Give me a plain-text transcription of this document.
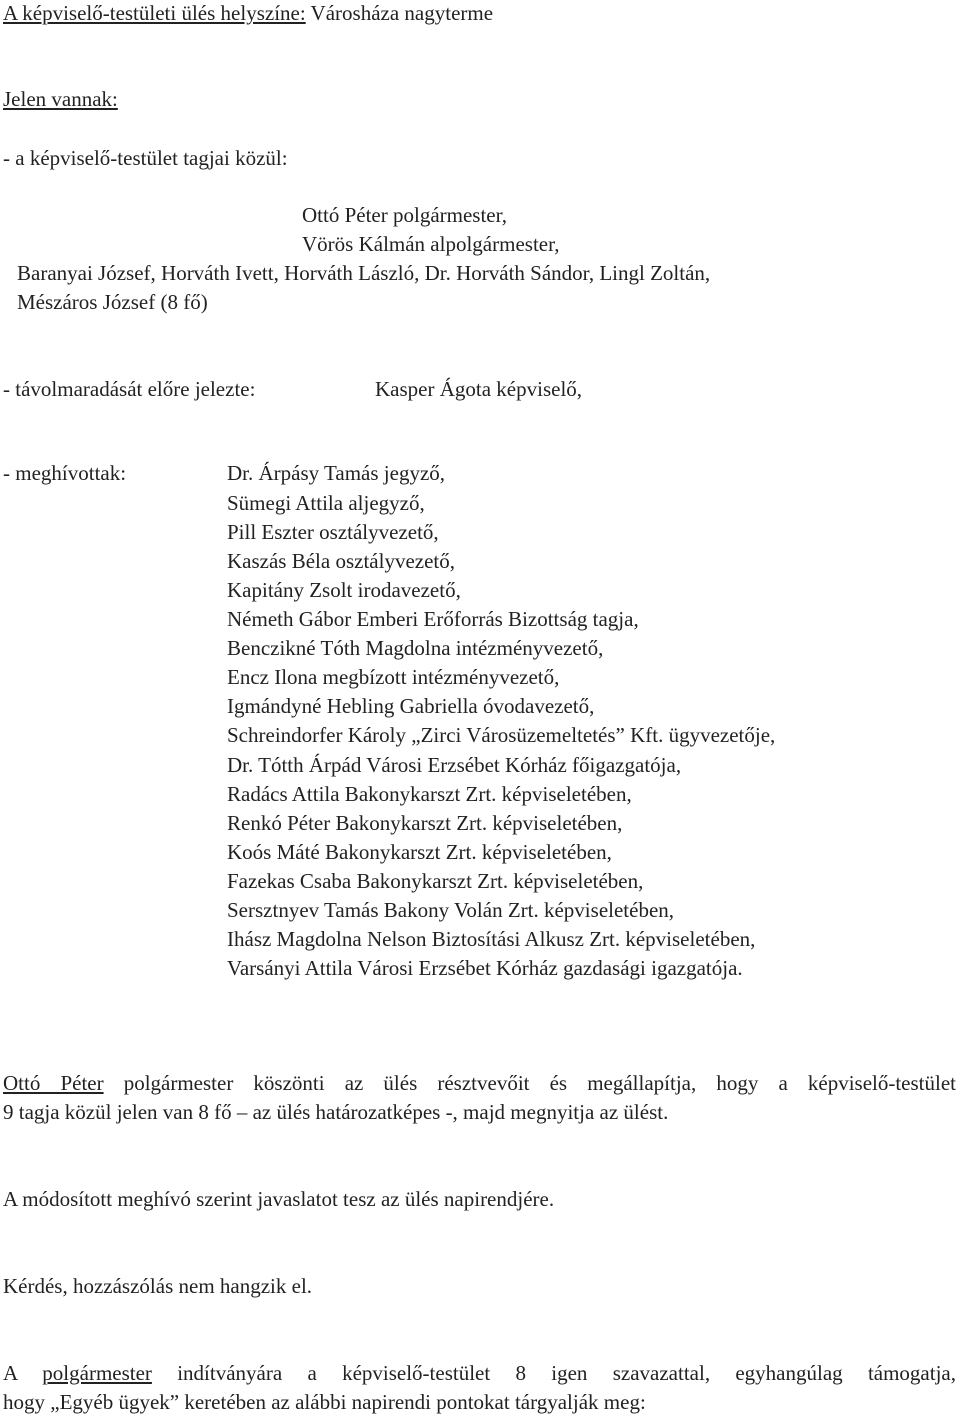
A képviselő-testületi ülés helyszíne: Városháza nagyterme
Jelen vannak:
- a képviselő-testület tagjai közül:
Ottó Péter polgármester,
Vörös Kálmán alpolgármester,
Baranyai József, Horváth Ivett, Horváth László, Dr. Horváth Sándor, Lingl Zoltán,
Mészáros József (8 fő)
- távolmaradását előre jelezte:	Kasper Ágota képviselő,
- meghívottak:	Dr. Árpásy Tamás jegyző,
Sümegi Attila aljegyző,
Pill Eszter osztályvezető,
Kaszás Béla osztályvezető,
Kapitány Zsolt irodavezető,
Németh Gábor Emberi Erőforrás Bizottság tagja,
Benczikné Tóth Magdolna intézményvezető,
Encz Ilona megbízott intézményvezető,
Igmándyné Hebling Gabriella óvodavezető,
Schreindorfer Károly „Zirci Városüzemeltetés” Kft. ügyvezetője,
Dr. Tótth Árpád Városi Erzsébet Kórház főigazgatója,
Radács Attila Bakonykarszt Zrt. képviseletében,
Renkó Péter Bakonykarszt Zrt. képviseletében,
Koós Máté Bakonykarszt Zrt. képviseletében,
Fazekas Csaba Bakonykarszt Zrt. képviseletében,
Sersztnyev Tamás Bakony Volán Zrt. képviseletében,
Ihász Magdolna Nelson Biztosítási Alkusz Zrt. képviseletében,
Varsányi Attila Városi Erzsébet Kórház gazdasági igazgatója.
Ottó Péter polgármester köszönti az ülés résztvevőit és megállapítja, hogy a képviselő-testület
9 tagja közül jelen van 8 fő – az ülés határozatképes -, majd megnyitja az ülést.
A módosított meghívó szerint javaslatot tesz az ülés napirendjére.
Kérdés, hozzászólás nem hangzik el.
A polgármester indítványára a képviselő-testület 8 igen szavazattal, egyhangúlag támogatja,
hogy „Egyéb ügyek” keretében az alábbi napirendi pontokat tárgyalják meg:
